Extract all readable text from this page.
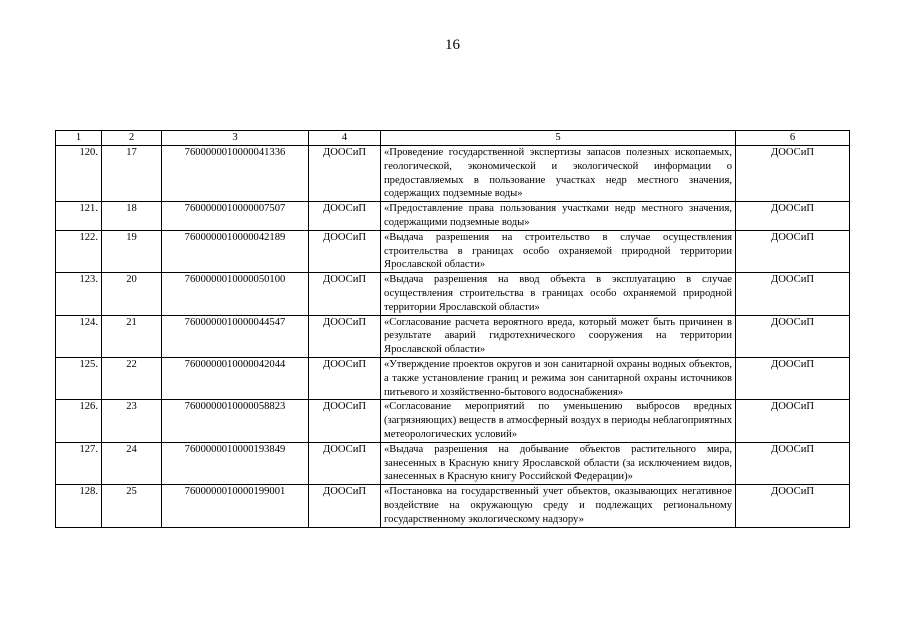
16
1	2	3	4	5	6
120.	17	7600000010000041336	ДООСиП	«Проведение государственной экспертизы запасов полезных ископаемых, геологической, экономической и экологической информации о предоставляемых в пользование участках недр местного значения, содержащих подземные воды»	ДООСиП
121.	18	7600000010000007507	ДООСиП	«Предоставление права пользования участками недр местного значения, содержащими подземные воды»	ДООСиП
122.	19	7600000010000042189	ДООСиП	«Выдача разрешения на строительство в случае осуществления строительства в границах особо охраняемой природной территории Ярославской области»	ДООСиП
123.	20	7600000010000050100	ДООСиП	«Выдача разрешения на ввод объекта в эксплуатацию в случае осуществления строительства в границах особо охраняемой природной территории Ярославской области»	ДООСиП
124.	21	7600000010000044547	ДООСиП	«Согласование расчета вероятного вреда, который может быть причинен в результате аварий гидротехнического сооружения на территории Ярославской области»	ДООСиП
125.	22	7600000010000042044	ДООСиП	«Утверждение проектов округов и зон санитарной охраны водных объектов, а также установление границ и режима зон санитарной охраны источников питьевого и хозяйственно-бытового водоснабжения»	ДООСиП
126.	23	7600000010000058823	ДООСиП	«Согласование мероприятий по уменьшению выбросов вредных (загрязняющих) веществ в атмосферный воздух в периоды неблагоприятных метеорологических условий»	ДООСиП
127.	24	7600000010000193849	ДООСиП	«Выдача разрешения на добывание объектов растительного мира, занесенных в Красную книгу Ярославской области (за исключением видов, занесенных в Красную книгу Российской Федерации)»	ДООСиП
128.	25	7600000010000199001	ДООСиП	«Постановка на государственный учет объектов, оказывающих негативное воздействие на окружающую среду и подлежащих региональному государственному экологическому надзору»	ДООСиП
